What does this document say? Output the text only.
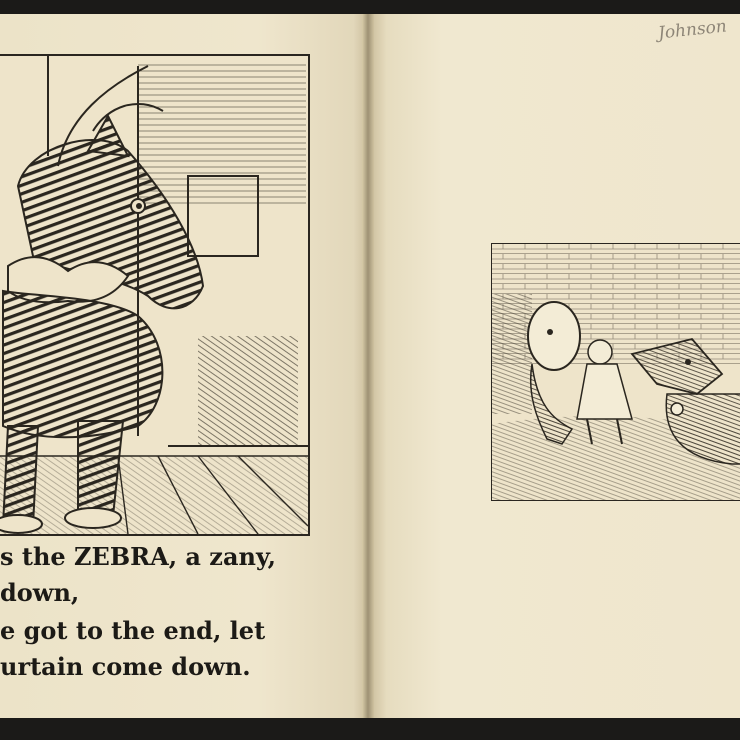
s the ZEBRA, a zany,
down,
e got to the end, let
urtain come down.
Johnson
